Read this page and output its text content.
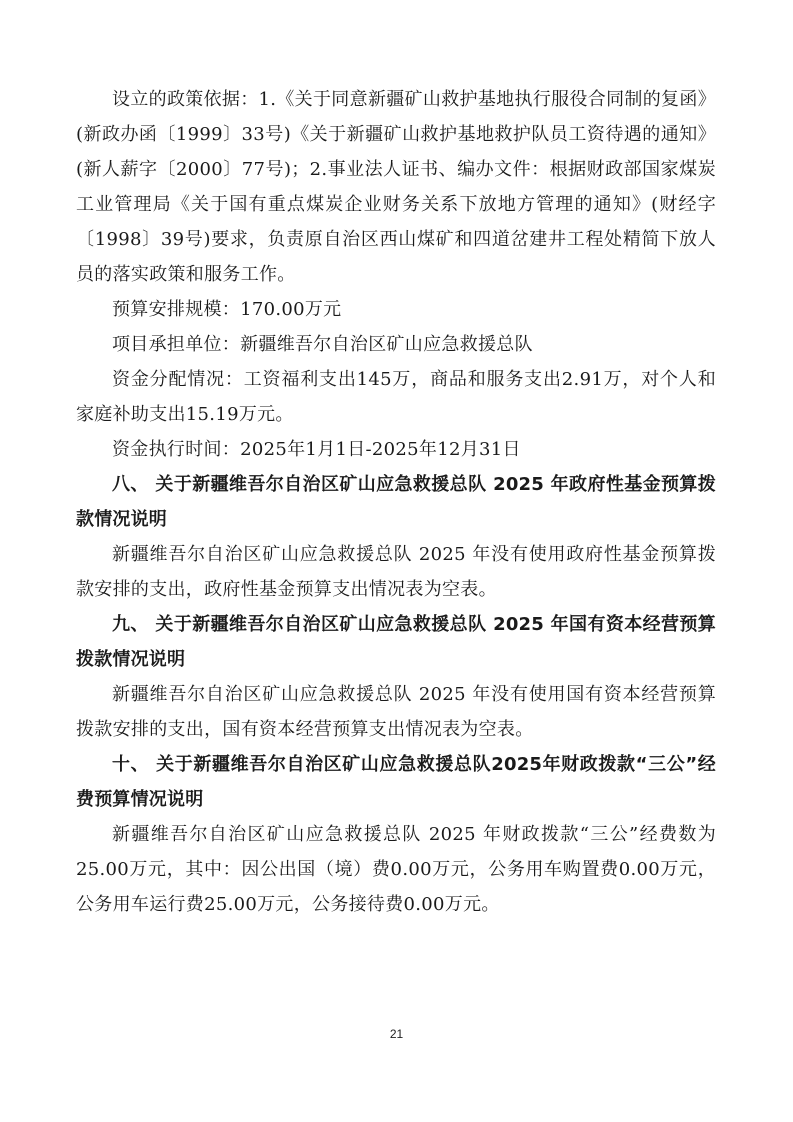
设立的政策依据：1.《关于同意新疆矿山救护基地执行服役合同制的复函》(新政办函〔1999〕33号)《关于新疆矿山救护基地救护队员工资待遇的通知》(新人薪字〔2000〕77号)；2.事业法人证书、编办文件：根据财政部国家煤炭工业管理局《关于国有重点煤炭企业财务关系下放地方管理的通知》(财经字〔1998〕39号)要求，负责原自治区西山煤矿和四道岔建井工程处精简下放人员的落实政策和服务工作。

预算安排规模：170.00万元

项目承担单位：新疆维吾尔自治区矿山应急救援总队

资金分配情况：工资福利支出145万，商品和服务支出2.91万，对个人和家庭补助支出15.19万元。

资金执行时间：2025年1月1日-2025年12月31日

八、 关于新疆维吾尔自治区矿山应急救援总队 2025 年政府性基金预算拨款情况说明

新疆维吾尔自治区矿山应急救援总队 2025 年没有使用政府性基金预算拨款安排的支出，政府性基金预算支出情况表为空表。

九、 关于新疆维吾尔自治区矿山应急救援总队 2025 年国有资本经营预算拨款情况说明

新疆维吾尔自治区矿山应急救援总队 2025 年没有使用国有资本经营预算拨款安排的支出，国有资本经营预算支出情况表为空表。

十、 关于新疆维吾尔自治区矿山应急救援总队2025年财政拨款“三公”经费预算情况说明

新疆维吾尔自治区矿山应急救援总队 2025 年财政拨款“三公”经费数为25.00万元，其中：因公出国（境）费0.00万元，公务用车购置费0.00万元，公务用车运行费25.00万元，公务接待费0.00万元。

21
